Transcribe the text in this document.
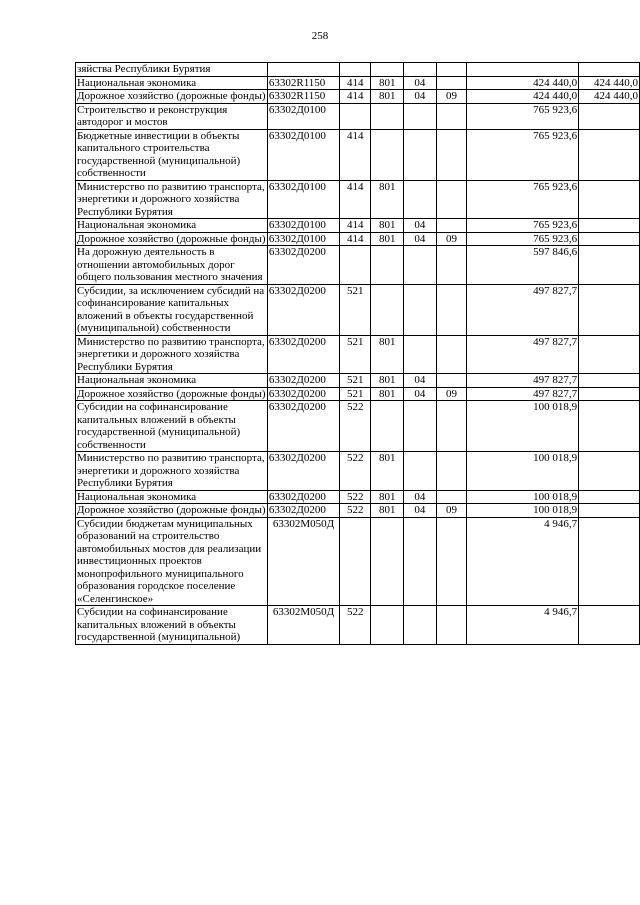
258
зяйства Республики Бурятия							
Национальная экономика	63302R1150	414	801	04		424 440,0	424 440,0
Дорожное хозяйство (дорожные фонды)	63302R1150	414	801	04	09	424 440,0	424 440,0
Строительство и реконструкция автодорог и мостов	63302Д0100					765 923,6	
Бюджетные инвестиции в объекты капитального строительства государственной (муниципальной) собственности	63302Д0100	414				765 923,6	
Министерство по развитию транспорта, энергетики и дорожного хозяйства Республики Бурятия	63302Д0100	414	801			765 923,6	
Национальная экономика	63302Д0100	414	801	04		765 923,6	
Дорожное хозяйство (дорожные фонды)	63302Д0100	414	801	04	09	765 923,6	
На дорожную деятельность в отношении автомобильных дорог общего пользования местного значения	63302Д0200					597 846,6	
Субсидии, за исключением субсидий на софинансирование капитальных вложений в объекты государственной (муниципальной) собственности	63302Д0200	521				497 827,7	
Министерство по развитию транспорта, энергетики и дорожного хозяйства Республики Бурятия	63302Д0200	521	801			497 827,7	
Национальная экономика	63302Д0200	521	801	04		497 827,7	
Дорожное хозяйство (дорожные фонды)	63302Д0200	521	801	04	09	497 827,7	
Субсидии на софинансирование капитальных вложений в объекты государственной (муниципальной) собственности	63302Д0200	522				100 018,9	
Министерство по развитию транспорта, энергетики и дорожного хозяйства Республики Бурятия	63302Д0200	522	801			100 018,9	
Национальная экономика	63302Д0200	522	801	04		100 018,9	
Дорожное хозяйство (дорожные фонды)	63302Д0200	522	801	04	09	100 018,9	
Субсидии бюджетам муниципальных образований на строительство автомобильных мостов для реализации инвестиционных проектов монопрофильного муниципального образования городское поселение «Селенгинское»	63302М050Д					4 946,7	
Субсидии на софинансирование капитальных вложений в объекты государственной (муниципальной)	63302М050Д	522				4 946,7	
